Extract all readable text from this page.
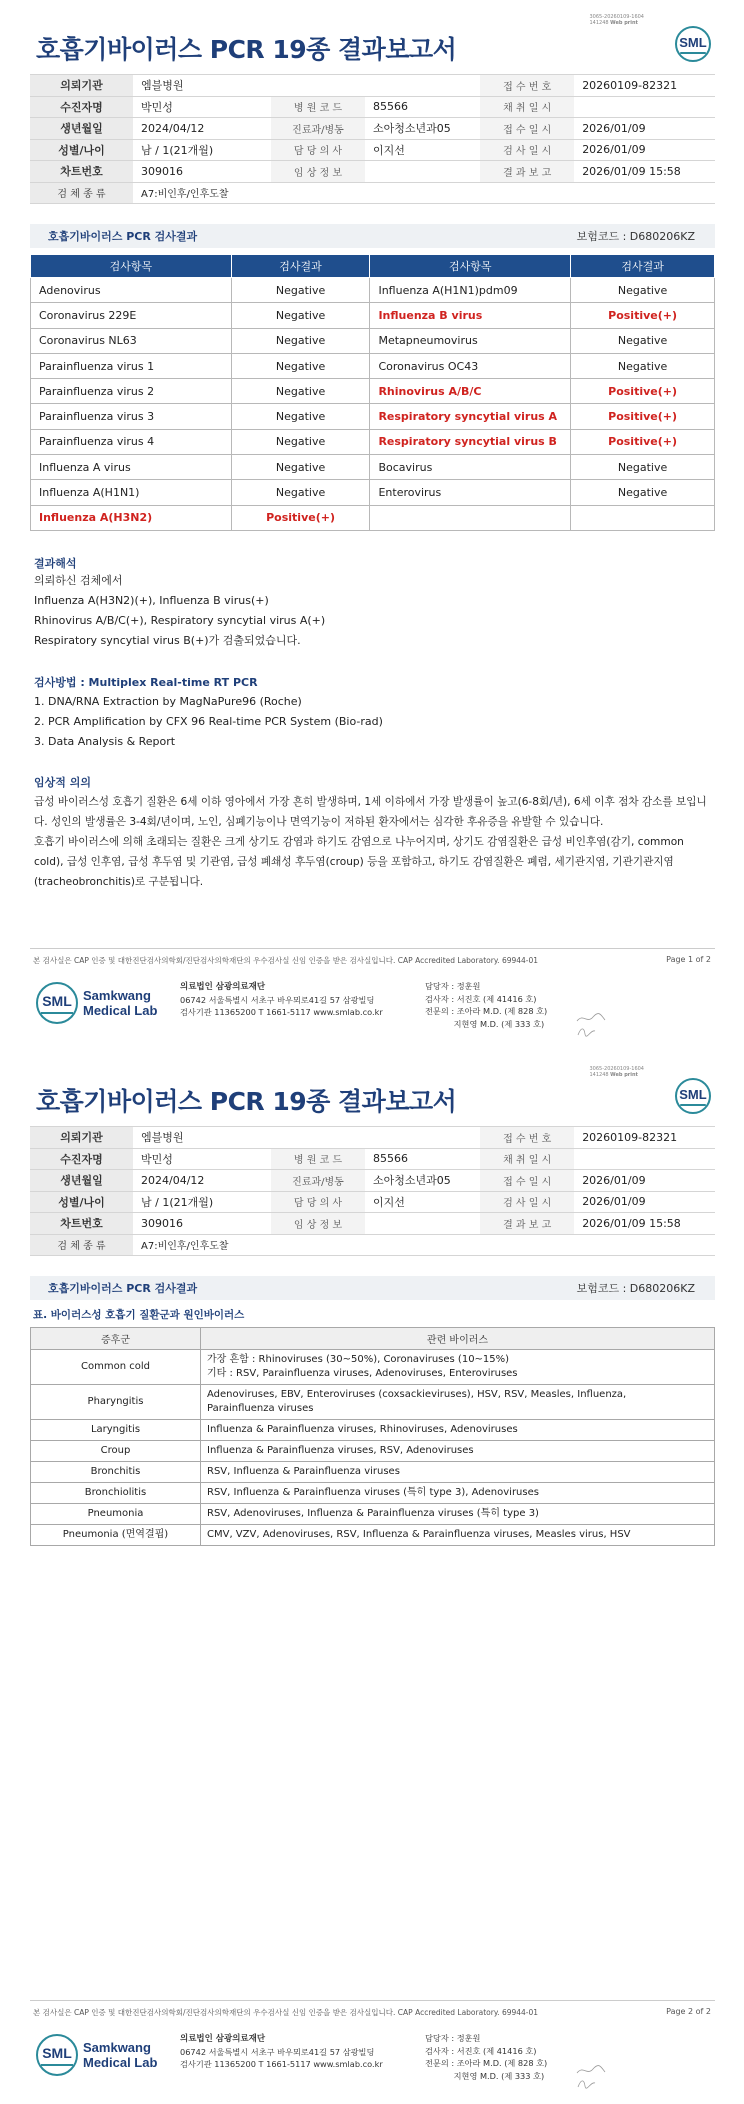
3065-20260109-1604
141248 Web print
호흡기바이러스 PCR 19종 결과보고서	SML
의뢰기관	엠블병원			접 수 번 호	20260109-82321
수진자명	박민성	병 원 코 드	85566	채 취 일 시	
생년월일	2024/04/12	진료과/병동	소아청소년과05	접 수 일 시	2026/01/09
성별/나이	남 / 1(21개월)	담 당 의 사	이지선	검 사 일 시	2026/01/09
차트번호	309016	임 상 정 보		결 과 보 고	2026/01/09 15:58
검 체 종 류	A7:비인후/인후도찰				
호흡기바이러스 PCR 검사결과	보험코드 : D680206KZ
검사항목	검사결과	검사항목	검사결과
Adenovirus	Negative	Influenza A(H1N1)pdm09	Negative
Coronavirus 229E	Negative	Influenza B virus	Positive(+)
Coronavirus NL63	Negative	Metapneumovirus	Negative
Parainfluenza virus 1	Negative	Coronavirus OC43	Negative
Parainfluenza virus 2	Negative	Rhinovirus A/B/C	Positive(+)
Parainfluenza virus 3	Negative	Respiratory syncytial virus A	Positive(+)
Parainfluenza virus 4	Negative	Respiratory syncytial virus B	Positive(+)
Influenza A virus	Negative	Bocavirus	Negative
Influenza A(H1N1)	Negative	Enterovirus	Negative
Influenza A(H3N2)	Positive(+)		
결과해석
의뢰하신 검체에서
Influenza A(H3N2)(+), Influenza B virus(+)
Rhinovirus A/B/C(+), Respiratory syncytial virus A(+)
Respiratory syncytial virus B(+)가 검출되었습니다.
검사방법 : Multiplex Real-time RT PCR
1. DNA/RNA Extraction by MagNaPure96 (Roche)
2. PCR Amplification by CFX 96 Real-time PCR System (Bio-rad)
3. Data Analysis & Report
임상적 의의
급성 바이러스성 호흡기 질환은 6세 이하 영아에서 가장 흔히 발생하며, 1세 이하에서 가장 발생률이 높고(6-8회/년), 6세 이후 점차 감소를 보입니다. 성인의 발생률은 3-4회/년이며, 노인, 심폐기능이나 면역기능이 저하된 환자에서는 심각한 후유증을 유발할 수 있습니다.
호흡기 바이러스에 의해 초래되는 질환은 크게 상기도 감염과 하기도 감염으로 나누어지며, 상기도 감염질환은 급성 비인후염(감기, common cold), 급성 인후염, 급성 후두염 및 기관염, 급성 폐쇄성 후두염(croup) 등을 포함하고, 하기도 감염질환은 폐렴, 세기관지염, 기관기관지염(tracheobronchitis)로 구분됩니다.
본 검사실은 CAP 인증 및 대한진단검사의학회/진단검사의학재단의 우수검사실 신임 인증을 받은 검사실입니다. CAP Accredited Laboratory. 69944-01	Page 1 of 2
SML Samkwang
Medical Lab
의료법인 삼광의료재단
06742 서울특별시 서초구 바우뫼로41길 57 삼광빌딩
검사기관 11365200 T 1661-5117 www.smlab.co.kr
담당자 : 정훈원
검사자 : 서진호 (제 41416 호)
전문의 : 조아라 M.D. (제 828 호)
지현영 M.D. (제 333 호)
3065-20260109-1604
141248 Web print
호흡기바이러스 PCR 19종 결과보고서	SML
의뢰기관	엠블병원			접 수 번 호	20260109-82321
수진자명	박민성	병 원 코 드	85566	채 취 일 시	
생년월일	2024/04/12	진료과/병동	소아청소년과05	접 수 일 시	2026/01/09
성별/나이	남 / 1(21개월)	담 당 의 사	이지선	검 사 일 시	2026/01/09
차트번호	309016	임 상 정 보		결 과 보 고	2026/01/09 15:58
검 체 종 류	A7:비인후/인후도찰				
호흡기바이러스 PCR 검사결과	보험코드 : D680206KZ
표. 바이러스성 호흡기 질환군과 원인바이러스
증후군	관련 바이러스
Common cold	가장 흔함 : Rhinoviruses (30~50%), Coronaviruses (10~15%)
기타 : RSV, Parainfluenza viruses, Adenoviruses, Enteroviruses

Pharyngitis	Adenoviruses, EBV, Enteroviruses (coxsackieviruses), HSV, RSV, Measles, Influenza,
Parainfluenza viruses

Laryngitis	Influenza & Parainfluenza viruses, Rhinoviruses, Adenoviruses

Croup	Influenza & Parainfluenza viruses, RSV, Adenoviruses

Bronchitis	RSV, Influenza & Parainfluenza viruses

Bronchiolitis	RSV, Influenza & Parainfluenza viruses (특히 type 3), Adenoviruses

Pneumonia	RSV, Adenoviruses, Influenza & Parainfluenza viruses (특히 type 3)

Pneumonia (면역결핍)	CMV, VZV, Adenoviruses, RSV, Influenza & Parainfluenza viruses, Measles virus, HSV
본 검사실은 CAP 인증 및 대한진단검사의학회/진단검사의학재단의 우수검사실 신임 인증을 받은 검사실입니다. CAP Accredited Laboratory. 69944-01	Page 2 of 2
SML Samkwang
Medical Lab
의료법인 삼광의료재단
06742 서울특별시 서초구 바우뫼로41길 57 삼광빌딩
검사기관 11365200 T 1661-5117 www.smlab.co.kr
담당자 : 정훈원
검사자 : 서진호 (제 41416 호)
전문의 : 조아라 M.D. (제 828 호)
지현영 M.D. (제 333 호)
